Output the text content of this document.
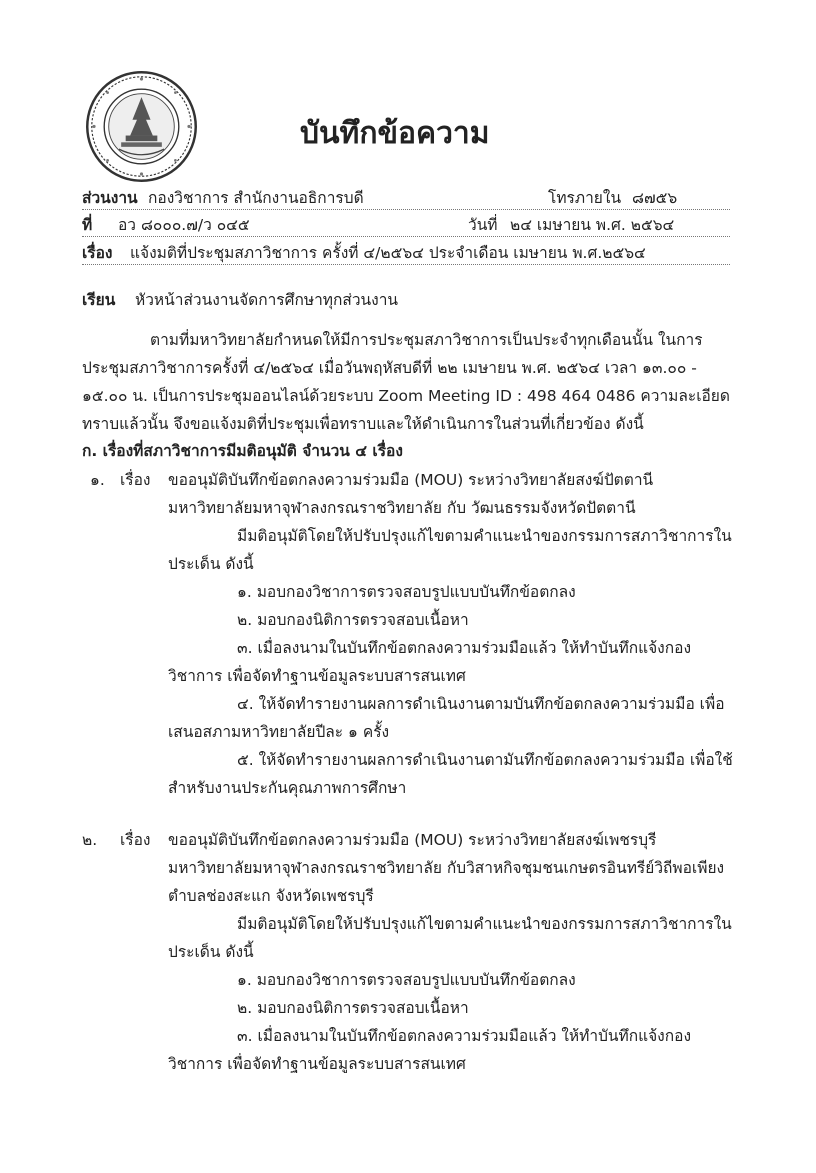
บันทึกข้อความ
ส่วนงาน กองวิชาการ สำนักงานอธิการบดี	โทรภายใน ๘๗๕๖
ที่ อว ๘๐๐๐.๗/ว ๐๔๕	วันที่ ๒๔ เมษายน พ.ศ. ๒๕๖๔
เรื่อง แจ้งมติที่ประชุมสภาวิชาการ ครั้งที่ ๔/๒๕๖๔ ประจำเดือน เมษายน พ.ศ.๒๕๖๔
เรียน หัวหน้าส่วนงานจัดการศึกษาทุกส่วนงาน
ตามที่มหาวิทยาลัยกำหนดให้มีการประชุมสภาวิชาการเป็นประจำทุกเดือนนั้น ในการ
ประชุมสภาวิชาการครั้งที่ ๔/๒๕๖๔ เมื่อวันพฤหัสบดีที่ ๒๒ เมษายน พ.ศ. ๒๕๖๔ เวลา ๑๓.๐๐ -
๑๕.๐๐ น. เป็นการประชุมออนไลน์ด้วยระบบ Zoom Meeting ID : 498 464 0486 ความละเอียด
ทราบแล้วนั้น จึงขอแจ้งมติที่ประชุมเพื่อทราบและให้ดำเนินการในส่วนที่เกี่ยวข้อง ดังนี้
ก. เรื่องที่สภาวิชาการมีมติอนุมัติ จำนวน ๔ เรื่อง
๑. เรื่อง ขออนุมัติบันทึกข้อตกลงความร่วมมือ (MOU) ระหว่างวิทยาลัยสงฆ์ปัตตานี
มหาวิทยาลัยมหาจุฬาลงกรณราชวิทยาลัย กับ วัฒนธรรมจังหวัดปัตตานี
มีมติอนุมัติโดยให้ปรับปรุงแก้ไขตามคำแนะนำของกรรมการสภาวิชาการใน
ประเด็น ดังนี้
๑. มอบกองวิชาการตรวจสอบรูปแบบบันทึกข้อตกลง
๒. มอบกองนิติการตรวจสอบเนื้อหา
๓. เมื่อลงนามในบันทึกข้อตกลงความร่วมมือแล้ว ให้ทำบันทึกแจ้งกอง
วิชาการ เพื่อจัดทำฐานข้อมูลระบบสารสนเทศ
๔. ให้จัดทำรายงานผลการดำเนินงานตามบันทึกข้อตกลงความร่วมมือ เพื่อ
เสนอสภามหาวิทยาลัยปีละ ๑ ครั้ง
๕. ให้จัดทำรายงานผลการดำเนินงานตามันทึกข้อตกลงความร่วมมือ เพื่อใช้
สำหรับงานประกันคุณภาพการศึกษา
๒. เรื่อง ขออนุมัติบันทึกข้อตกลงความร่วมมือ (MOU) ระหว่างวิทยาลัยสงฆ์เพชรบุรี
มหาวิทยาลัยมหาจุฬาลงกรณราชวิทยาลัย กับวิสาหกิจชุมชนเกษตรอินทรีย์วิถีพอเพียง
ตำบลช่องสะแก จังหวัดเพชรบุรี
มีมติอนุมัติโดยให้ปรับปรุงแก้ไขตามคำแนะนำของกรรมการสภาวิชาการใน
ประเด็น ดังนี้
๑. มอบกองวิชาการตรวจสอบรูปแบบบันทึกข้อตกลง
๒. มอบกองนิติการตรวจสอบเนื้อหา
๓. เมื่อลงนามในบันทึกข้อตกลงความร่วมมือแล้ว ให้ทำบันทึกแจ้งกอง
วิชาการ เพื่อจัดทำฐานข้อมูลระบบสารสนเทศ
